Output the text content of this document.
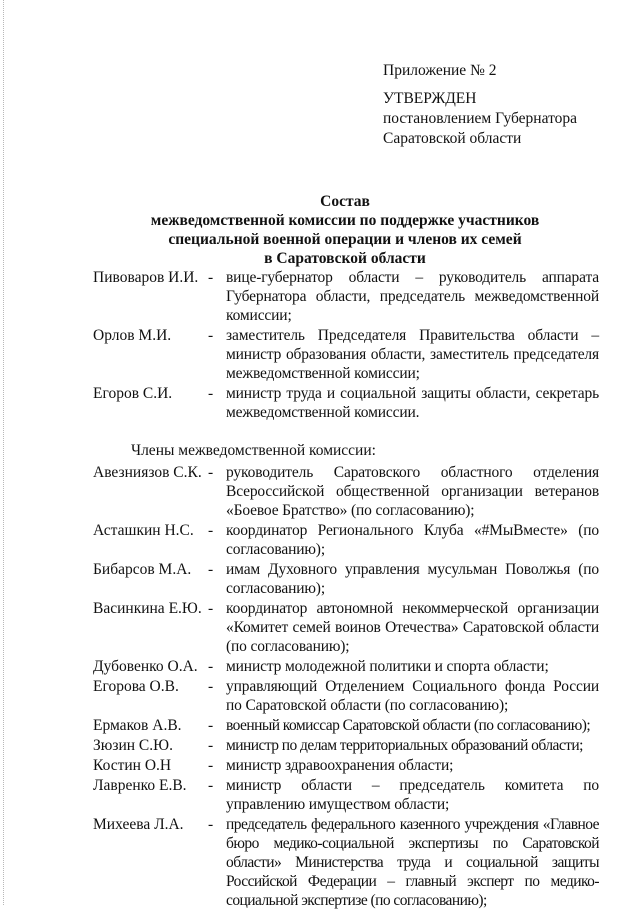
Приложение № 2
УТВЕРЖДЕН
постановлением Губернатора
Саратовской области
Состав
межведомственной комиссии по поддержке участников
специальной военной операции и членов их семей
в Саратовской области
Пивоваров И.И. - вице-губернатор области – руководитель аппарата Губернатора области, председатель межведомственной комиссии;
Орлов М.И.	- заместитель Председателя Правительства области – министр образования области, заместитель председателя межведомственной комиссии;
Егоров С.И.	- министр труда и социальной защиты области, секретарь межведомственной комиссии.
Члены межведомственной комиссии:
Авезниязов С.К. - руководитель Саратовского областного отделения Всероссийской общественной организации ветеранов «Боевое Братство» (по согласованию);
Асташкин Н.С. - координатор Регионального Клуба «#МыВместе» (по согласованию);
Бибарсов М.А.	- имам Духовного управления мусульман Поволжья (по согласованию);
Васинкина Е.Ю. - координатор автономной некоммерческой организации «Комитет семей воинов Отечества» Саратовской области (по согласованию);
Дубовенко О.А. - министр молодежной политики и спорта области;
Егорова О.В.	- управляющий Отделением Социального фонда России по Саратовской области (по согласованию);
Ермаков А.В.	- военный комиссар Саратовской области (по согласованию);
Зюзин С.Ю.	- министр по делам территориальных образований области;
Костин О.Н	- министр здравоохранения области;
Лавренко Е.В.	- министр области – председатель комитета по управлению имуществом области;
Михеева Л.А.	- председатель федерального казенного учреждения «Главное бюро медико-социальной экспертизы по Саратовской области» Министерства труда и социальной защиты Российской Федерации – главный эксперт по медико-социальной экспертизе (по согласованию);
